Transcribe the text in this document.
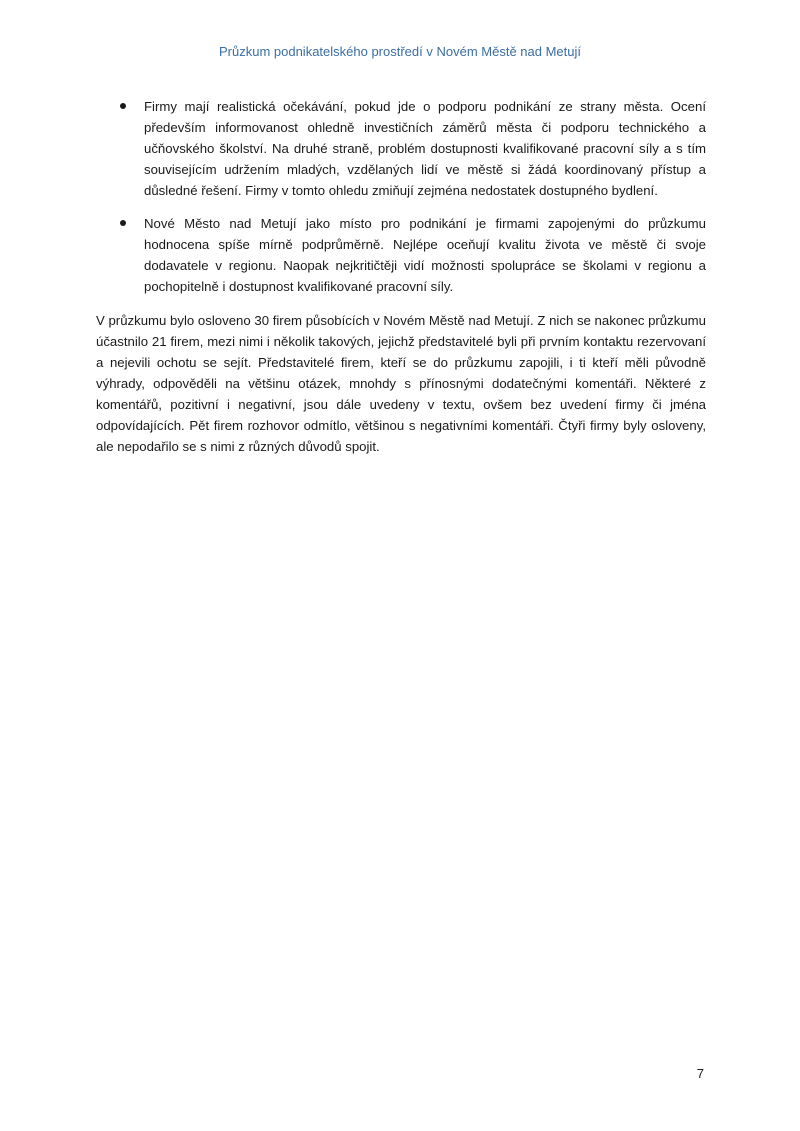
Průzkum podnikatelského prostředí v Novém Městě nad Metují
Firmy mají realistická očekávání, pokud jde o podporu podnikání ze strany města. Ocení především informovanost ohledně investičních záměrů města či podporu technického a učňovského školství. Na druhé straně, problém dostupnosti kvalifikované pracovní síly a s tím souvisejícím udržením mladých, vzdělaných lidí ve městě si žádá koordinovaný přístup a důsledné řešení. Firmy v tomto ohledu zmiňují zejména nedostatek dostupného bydlení.
Nové Město nad Metují jako místo pro podnikání je firmami zapojenými do průzkumu hodnocena spíše mírně podprůměrně. Nejlépe oceňují kvalitu života ve městě či svoje dodavatele v regionu. Naopak nejkritičtěji vidí možnosti spolupráce se školami v regionu a pochopitelně i dostupnost kvalifikované pracovní síly.

V průzkumu bylo osloveno 30 firem působících v Novém Městě nad Metují. Z nich se nakonec průzkumu účastnilo 21 firem, mezi nimi i několik takových, jejichž představitelé byli při prvním kontaktu rezervovaní a nejevili ochotu se sejít. Představitelé firem, kteří se do průzkumu zapojili, i ti kteří měli původně výhrady, odpověděli na většinu otázek, mnohdy s přínosnými dodatečnými komentáři. Některé z komentářů, pozitivní i negativní, jsou dále uvedeny v textu, ovšem bez uvedení firmy či jména odpovídajících. Pět firem rozhovor odmítlo, většinou s negativními komentáři. Čtyři firmy byly osloveny, ale nepodařilo se s nimi z různých důvodů spojit.

7
